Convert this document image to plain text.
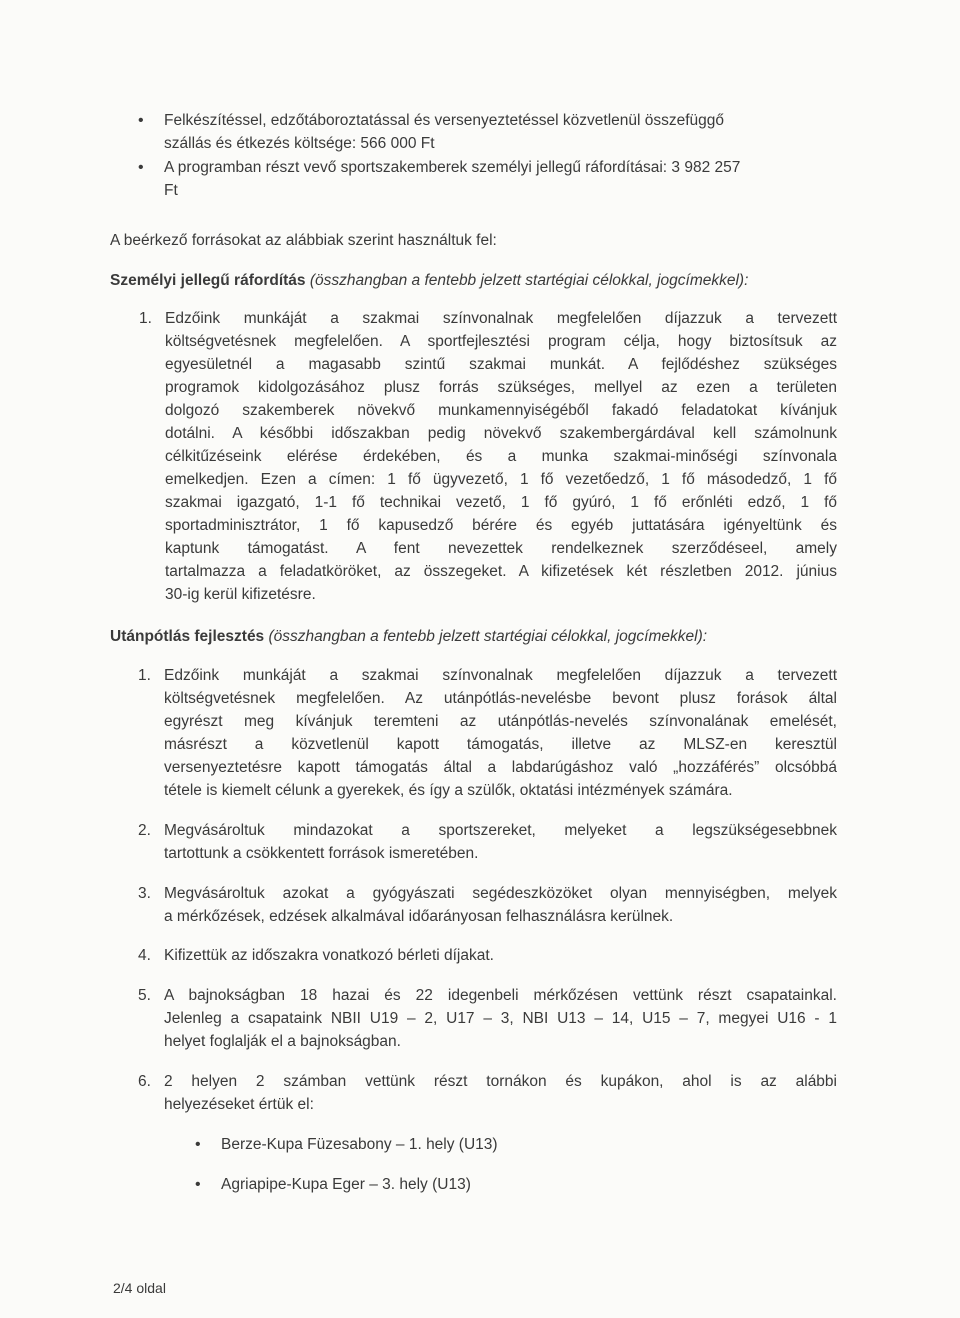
• Felkészítéssel, edzőtáboroztatással és versenyeztetéssel közvetlenül összefüggő
szállás és étkezés költsége: 566 000 Ft
• A programban részt vevő sportszakemberek személyi jellegű ráfordításai: 3 982 257
Ft
A beérkező forrásokat az alábbiak szerint használtuk fel:
Személyi jellegű ráfordítás (összhangban a fentebb jelzett startégiai célokkal, jogcímekkel):
1. Edzőink munkáját a szakmai színvonalnak megfelelően díjazzuk a tervezett
költségvetésnek megfelelően. A sportfejlesztési program célja, hogy biztosítsuk az
egyesületnél a magasabb szintű szakmai munkát. A fejlődéshez szükséges
programok kidolgozásához plusz forrás szükséges, mellyel az ezen a területen
dolgozó szakemberek növekvő munkamennyiségéből fakadó feladatokat kívánjuk
dotálni. A későbbi időszakban pedig növekvő szakembergárdával kell számolnunk
célkitűzéseink elérése érdekében, és a munka szakmai-minőségi színvonala
emelkedjen. Ezen a címen: 1 fő ügyvezető, 1 fő vezetőedző, 1 fő másodedző, 1 fő
szakmai igazgató, 1-1 fő technikai vezető, 1 fő gyúró, 1 fő erőnléti edző, 1 fő
sportadminisztrátor, 1 fő kapusedző bérére és egyéb juttatására igényeltünk és
kaptunk támogatást. A fent nevezettek rendelkeznek szerződéseel, amely
tartalmazza a feladatköröket, az összegeket. A kifizetések két részletben 2012. június
30-ig kerül kifizetésre.
Utánpótlás fejlesztés (összhangban a fentebb jelzett startégiai célokkal, jogcímekkel):
1. Edzőink munkáját a szakmai színvonalnak megfelelően díjazzuk a tervezett
költségvetésnek megfelelően. Az utánpótlás-nevelésbe bevont plusz forások által
egyrészt meg kívánjuk teremteni az utánpótlás-nevelés színvonalának emelését,
másrészt a közvetlenül kapott támogatás, illetve az MLSZ-en keresztül
versenyeztetésre kapott támogatás által a labdarúgáshoz való „hozzáférés” olcsóbbá
tétele is kiemelt célunk a gyerekek, és így a szülők, oktatási intézmények számára.
2. Megvásároltuk mindazokat a sportszereket, melyeket a legszükségesebbnek
tartottunk a csökkentett források ismeretében.
3. Megvásároltuk azokat a gyógyászati segédeszközöket olyan mennyiségben, melyek
a mérkőzések, edzések alkalmával időarányosan felhasználásra kerülnek.
4. Kifizettük az időszakra vonatkozó bérleti díjakat.
5. A bajnokságban 18 hazai és 22 idegenbeli mérkőzésen vettünk részt csapatainkal.
Jelenleg a csapataink NBII U19 – 2, U17 – 3, NBI U13 – 14, U15 – 7, megyei U16 - 1
helyet foglalják el a bajnokságban.
6. 2 helyen 2 számban vettünk részt tornákon és kupákon, ahol is az alábbi
helyezéseket értük el:
• Berze-Kupa Füzesabony – 1. hely (U13)
• Agriapipe-Kupa Eger – 3. hely (U13)
2/4 oldal
